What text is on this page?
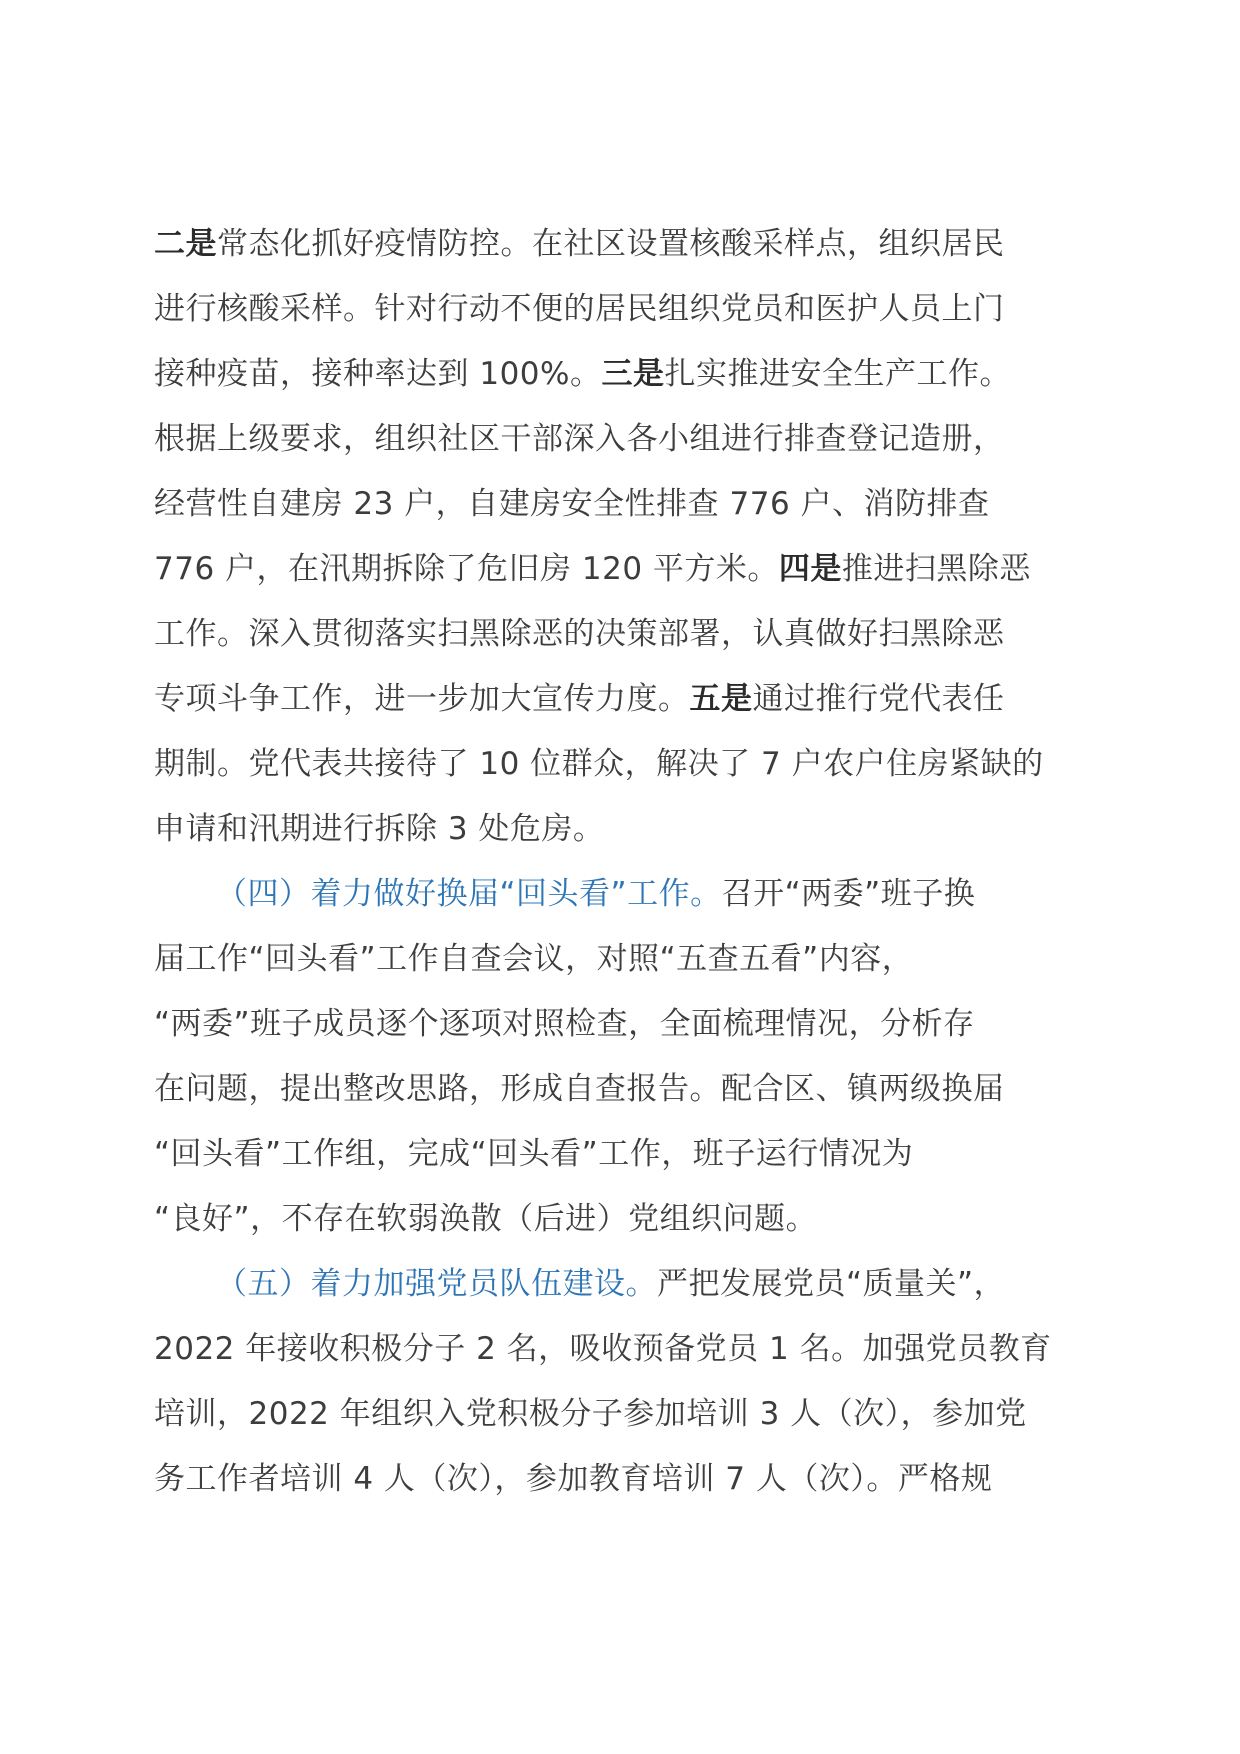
二是常态化抓好疫情防控。在社区设置核酸采样点，组织居民
进行核酸采样。针对行动不便的居民组织党员和医护人员上门
接种疫苗，接种率达到 100%。三是扎实推进安全生产工作。
根据上级要求，组织社区干部深入各小组进行排查登记造册，
经营性自建房 23 户，自建房安全性排查 776 户、消防排查
776 户，在汛期拆除了危旧房 120 平方米。四是推进扫黑除恶
工作。深入贯彻落实扫黑除恶的决策部署，认真做好扫黑除恶
专项斗争工作，进一步加大宣传力度。五是通过推行党代表任
期制。党代表共接待了 10 位群众，解决了 7 户农户住房紧缺的
申请和汛期进行拆除 3 处危房。
（四）着力做好换届“回头看”工作。召开“两委”班子换
届工作“回头看”工作自查会议，对照“五查五看”内容，
“两委”班子成员逐个逐项对照检查，全面梳理情况，分析存
在问题，提出整改思路，形成自查报告。配合区、镇两级换届
“回头看”工作组，完成“回头看”工作，班子运行情况为
“良好”，不存在软弱涣散（后进）党组织问题。
（五）着力加强党员队伍建设。严把发展党员“质量关”，
2022 年接收积极分子 2 名，吸收预备党员 1 名。加强党员教育
培训，2022 年组织入党积极分子参加培训 3 人（次），参加党
务工作者培训 4 人（次），参加教育培训 7 人（次）。严格规
